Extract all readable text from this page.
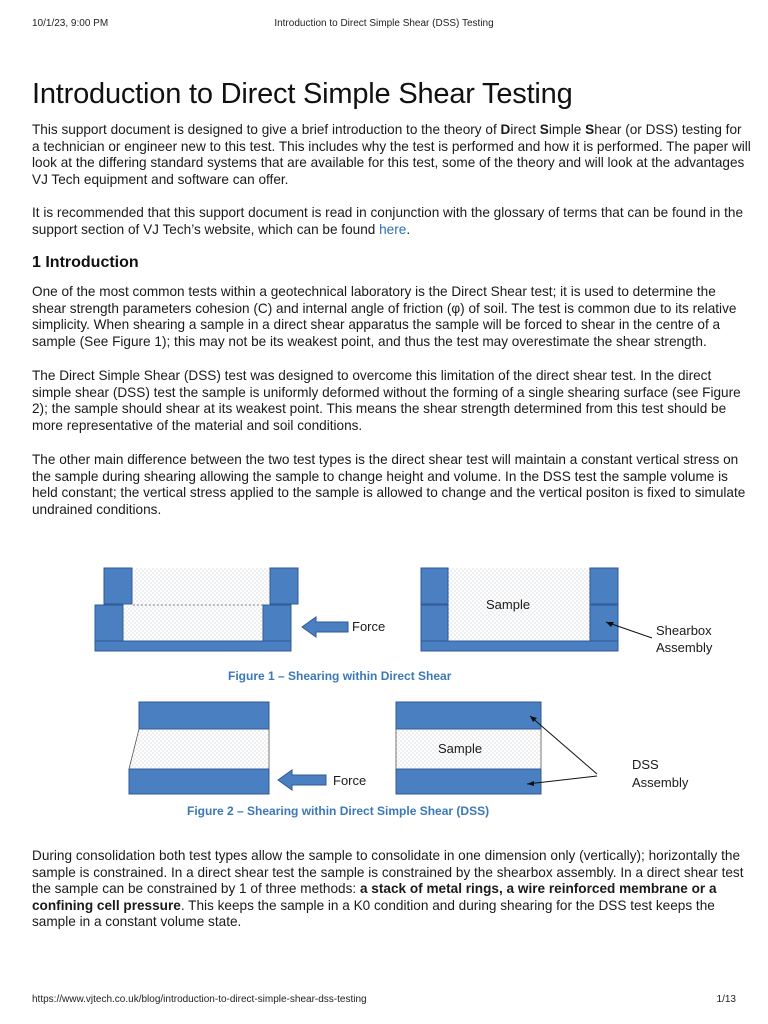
10/1/23, 9:00 PM	Introduction to Direct Simple Shear (DSS) Testing
Introduction to Direct Simple Shear Testing

This support document is designed to give a brief introduction to the theory of Direct Simple Shear (or DSS) testing for a technician or engineer new to this test. This includes why the test is performed and how it is performed. The paper will look at the differing standard systems that are available for this test, some of the theory and will look at the advantages VJ Tech equipment and software can offer.

It is recommended that this support document is read in conjunction with the glossary of terms that can be found in the support section of VJ Tech’s website, which can be found here.

1 Introduction

One of the most common tests within a geotechnical laboratory is the Direct Shear test; it is used to determine the shear strength parameters cohesion (C) and internal angle of friction (φ) of soil. The test is common due to its relative simplicity. When shearing a sample in a direct shear apparatus the sample will be forced to shear in the centre of a sample (See Figure 1); this may not be its weakest point, and thus the test may overestimate the shear strength.

The Direct Simple Shear (DSS) test was designed to overcome this limitation of the direct shear test. In the direct simple shear (DSS) test the sample is uniformly deformed without the forming of a single shearing surface (see Figure 2); the sample should shear at its weakest point. This means the shear strength determined from this test should be more representative of the material and soil conditions.

The other main difference between the two test types is the direct shear test will maintain a constant vertical stress on the sample during shearing allowing the sample to change height and volume. In the DSS test the sample volume is held constant; the vertical stress applied to the sample is allowed to change and the vertical positon is fixed to simulate undrained conditions.

Force
Sample
Shearbox
Assembly
Figure 1 – Shearing within Direct Shear
Force
Sample
DSS
Assembly
Figure 2 – Shearing within Direct Simple Shear (DSS)

During consolidation both test types allow the sample to consolidate in one dimension only (vertically); horizontally the sample is constrained. In a direct shear test the sample is constrained by the shearbox assembly. In a direct shear test the sample can be constrained by 1 of three methods: a stack of metal rings, a wire reinforced membrane or a confining cell pressure. This keeps the sample in a K0 condition and during shearing for the DSS test keeps the sample in a constant volume state.

https://www.vjtech.co.uk/blog/introduction-to-direct-simple-shear-dss-testing	1/13
